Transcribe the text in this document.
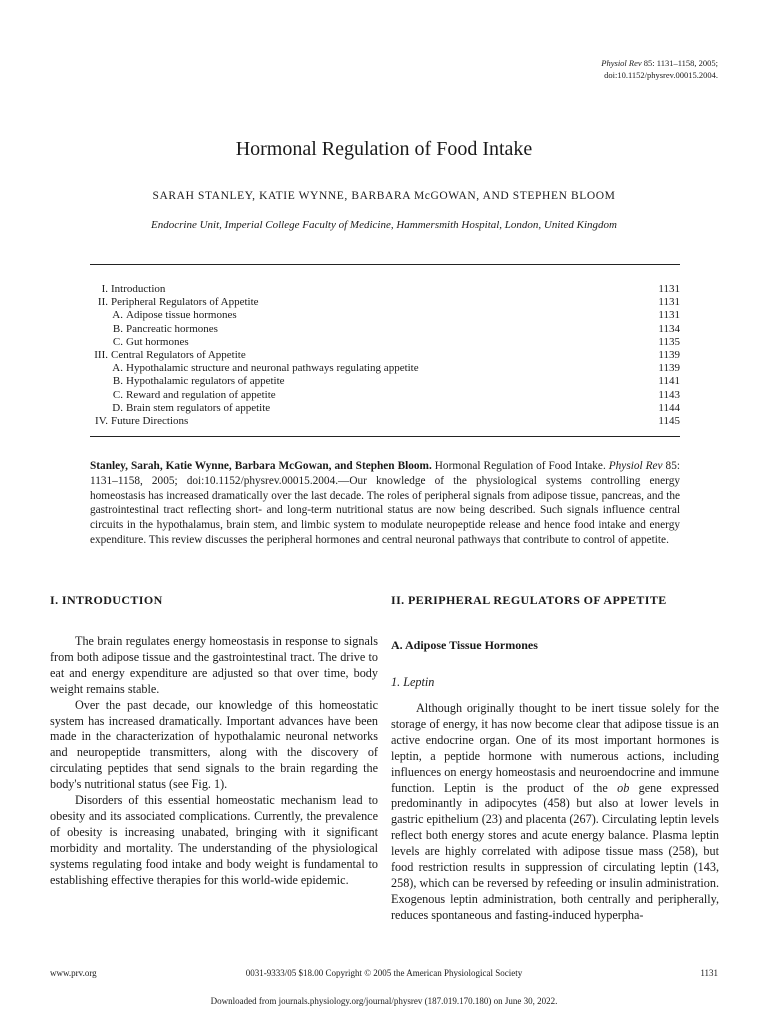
Physiol Rev 85: 1131–1158, 2005;
doi:10.1152/physrev.00015.2004.
Hormonal Regulation of Food Intake
SARAH STANLEY, KATIE WYNNE, BARBARA McGOWAN, AND STEPHEN BLOOM
Endocrine Unit, Imperial College Faculty of Medicine, Hammersmith Hospital, London, United Kingdom
I. Introduction	1131
II. Peripheral Regulators of Appetite	1131
A. Adipose tissue hormones	1131
B. Pancreatic hormones	1134
C. Gut hormones	1135
III. Central Regulators of Appetite	1139
A. Hypothalamic structure and neuronal pathways regulating appetite	1139
B. Hypothalamic regulators of appetite	1141
C. Reward and regulation of appetite	1143
D. Brain stem regulators of appetite	1144
IV. Future Directions	1145
Stanley, Sarah, Katie Wynne, Barbara McGowan, and Stephen Bloom. Hormonal Regulation of Food Intake. Physiol Rev 85: 1131–1158, 2005; doi:10.1152/physrev.00015.2004.—Our knowledge of the physiological systems controlling energy homeostasis has increased dramatically over the last decade. The roles of peripheral signals from adipose tissue, pancreas, and the gastrointestinal tract reflecting short- and long-term nutritional status are now being described. Such signals influence central circuits in the hypothalamus, brain stem, and limbic system to modulate neuropeptide release and hence food intake and energy expenditure. This review discusses the peripheral hormones and central neuronal pathways that contribute to control of appetite.
I. INTRODUCTION

The brain regulates energy homeostasis in response to signals from both adipose tissue and the gastrointestinal tract. The drive to eat and energy expenditure are adjusted so that over time, body weight remains stable.

Over the past decade, our knowledge of this homeostatic system has increased dramatically. Important advances have been made in the characterization of hypothalamic neuronal networks and neuropeptide transmitters, along with the discovery of circulating peptides that send signals to the brain regarding the body's nutritional status (see Fig. 1).

Disorders of this essential homeostatic mechanism lead to obesity and its associated complications. Currently, the prevalence of obesity is increasing unabated, bringing with it significant morbidity and mortality. The understanding of the physiological systems regulating food intake and body weight is fundamental to establishing effective therapies for this world-wide epidemic.

II. PERIPHERAL REGULATORS OF APPETITE
A. Adipose Tissue Hormones
1. Leptin

Although originally thought to be inert tissue solely for the storage of energy, it has now become clear that adipose tissue is an active endocrine organ. One of its most important hormones is leptin, a peptide hormone with numerous actions, including influences on energy homeostasis and neuroendocrine and immune function. Leptin is the product of the ob gene expressed predominantly in adipocytes (458) but also at lower levels in gastric epithelium (23) and placenta (267). Circulating leptin levels reflect both energy stores and acute energy balance. Plasma leptin levels are highly correlated with adipose tissue mass (258), but food restriction results in suppression of circulating leptin (143, 258), which can be reversed by refeeding or insulin administration. Exogenous leptin administration, both centrally and peripherally, reduces spontaneous and fasting-induced hyperpha-

www.prv.org	0031-9333/05 $18.00 Copyright © 2005 the American Physiological Society	1131
Downloaded from journals.physiology.org/journal/physrev (187.019.170.180) on June 30, 2022.
